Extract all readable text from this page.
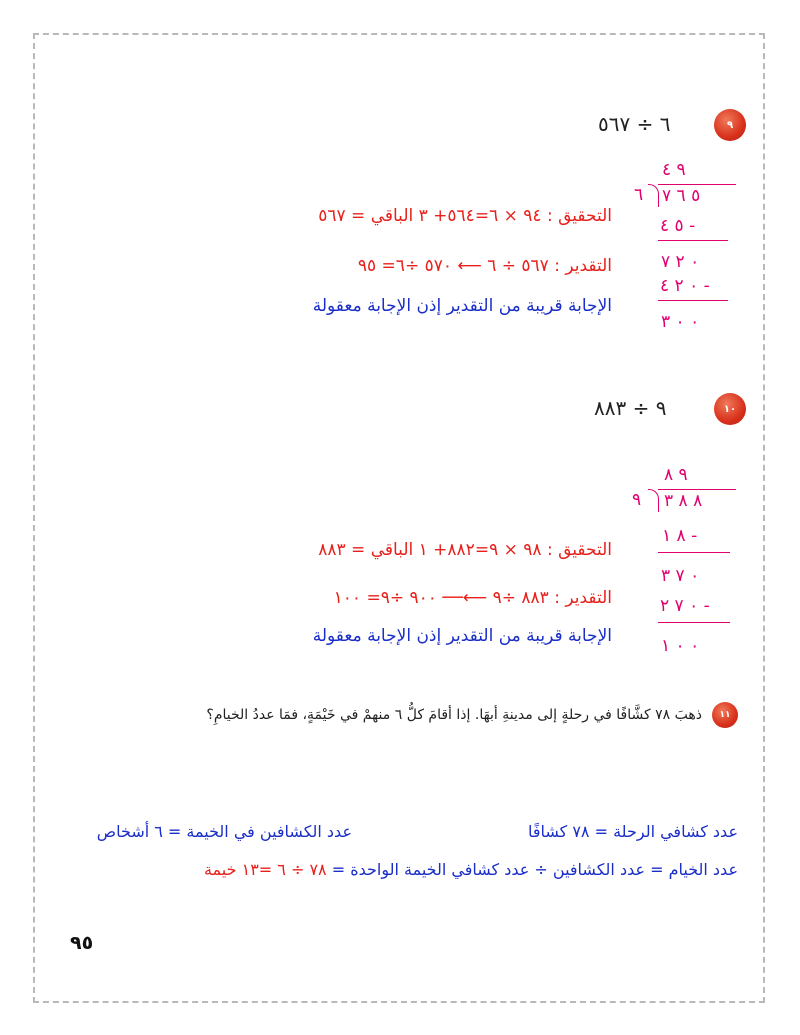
٩
٦ ÷ ٥٦٧
٩ ٤
٦ ٥ ٦ ٧
٥ ٤ -
٠ ٢ ٧
٠ ٢ ٤ -
٠ ٠ ٣
التحقيق : ٩٤ × ٦=٥٦٤+ ٣ الباقي = ٥٦٧
التقدير : ٥٦٧ ÷ ٦ ⟵ ٥٧٠ ÷٦= ٩٥
الإجابة قريبة من التقدير إذن الإجابة معقولة
١٠
٩ ÷ ٨٨٣
٩ ٨
٩ ٨ ٨ ٣
٨ ١ -
٠ ٧ ٣
٠ ٧ ٢ -
٠ ٠ ١
التحقيق : ٩٨ × ٩=٨٨٢+ ١ الباقي = ٨٨٣
التقدير : ٨٨٣ ÷٩ ⟵── ٩٠٠ ÷٩= ١٠٠
الإجابة قريبة من التقدير إذن الإجابة معقولة
١١
ذهبَ ٧٨ كشَّافًا في رحلةٍ إلى مدينةِ أبهَا. إذا أقامَ كلُّ ٦ منهمْ في خَيْمَةٍ، فمَا عددُ الخيامِ؟
عدد كشافي الرحلة = ٧٨ كشافًا
عدد الكشافين في الخيمة = ٦ أشخاص
عدد الخيام = عدد الكشافين ÷ عدد كشافي الخيمة الواحدة = ٧٨ ÷ ٦ =١٣ خيمة
٩٥
